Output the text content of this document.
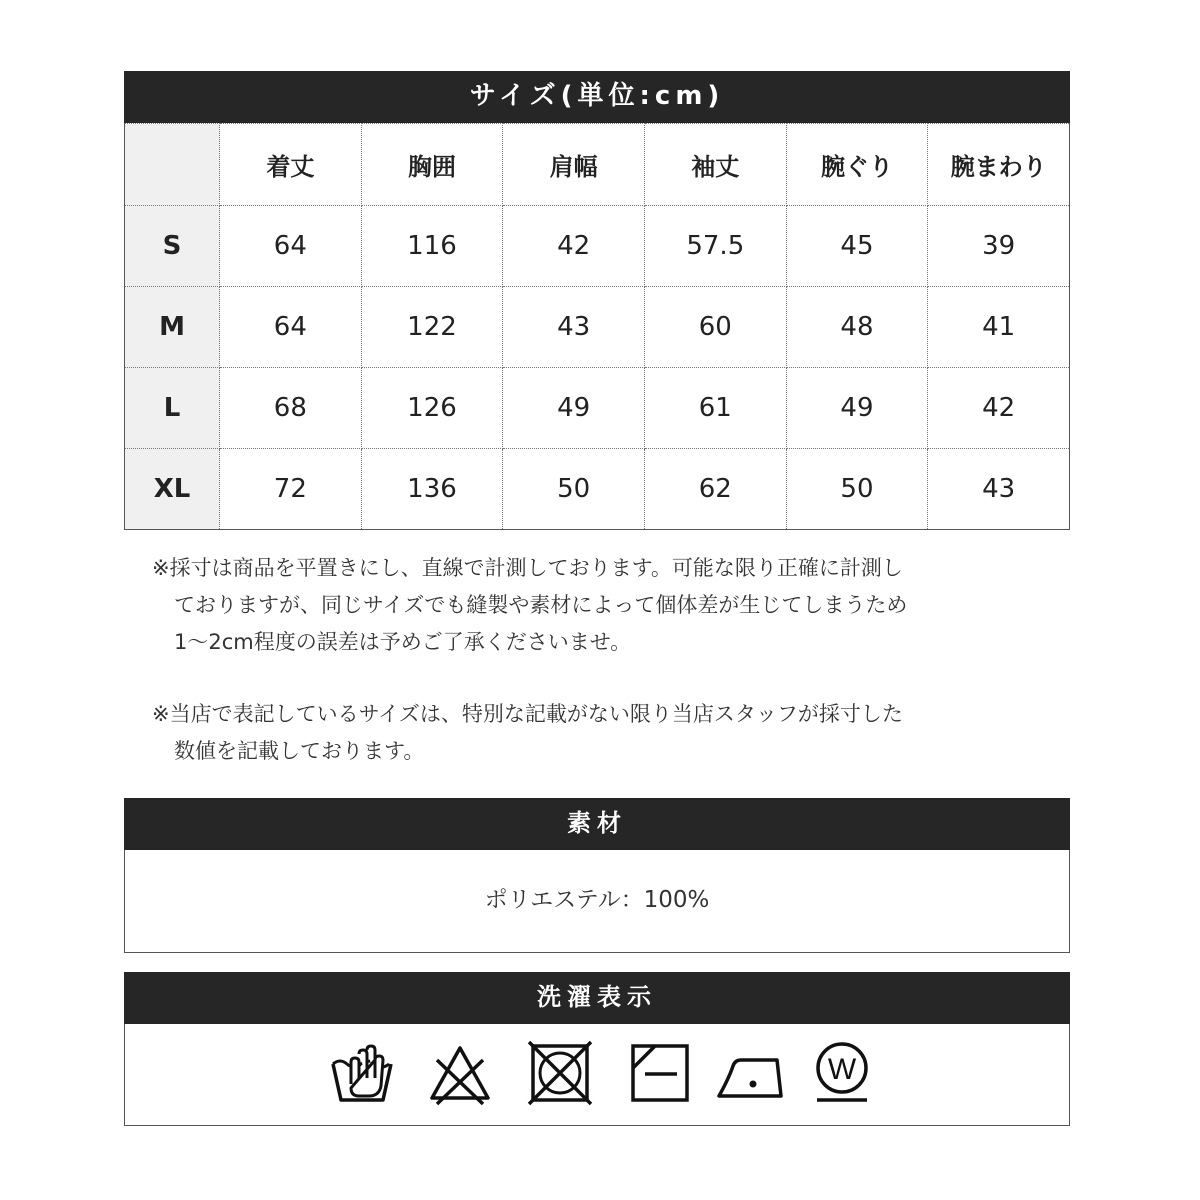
サイズ(単位:cm)
	着丈	胸囲	肩幅	袖丈	腕ぐり	腕まわり
S	64	116	42	57.5	45	39
M	64	122	43	60	48	41
L	68	126	49	61	49	42
XL	72	136	50	62	50	43

※採寸は商品を平置きにし、直線で計測しております。可能な限り正確に計測し

ておりますが、同じサイズでも縫製や素材によって個体差が生じてしまうため

1〜2cm程度の誤差は予めご了承くださいませ。

※当店で表記しているサイズは、特別な記載がない限り当店スタッフが採寸した

数値を記載しております。

素材
ポリエステル：100%
洗濯表示
W
